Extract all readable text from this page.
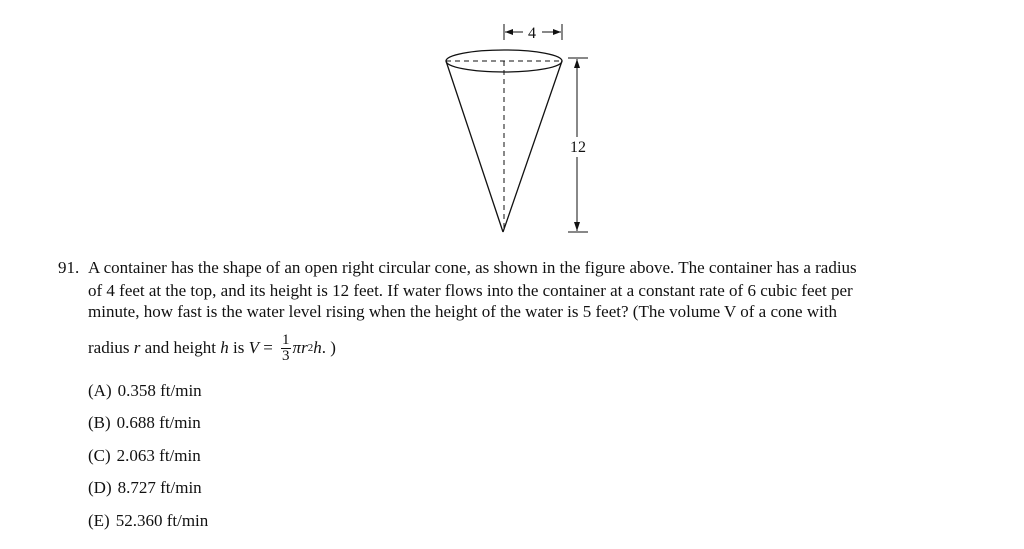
4
12
91. A container has the shape of an open right circular cone, as shown in the figure above. The container has a radius
of 4 feet at the top, and its height is 12 feet. If water flows into the container at a constant rate of 6 cubic feet per
minute, how fast is the water level rising when the height of the water is 5 feet? (The volume V of a cone with
radius
r and height h is $V = \frac{1}{3}$ π r 2 h . )
(A) 0.358 ft/min
(B) 0.688 ft/min
(C) 2.063 ft/min
(D) 8.727 ft/min
(E) 52.360 ft/min
